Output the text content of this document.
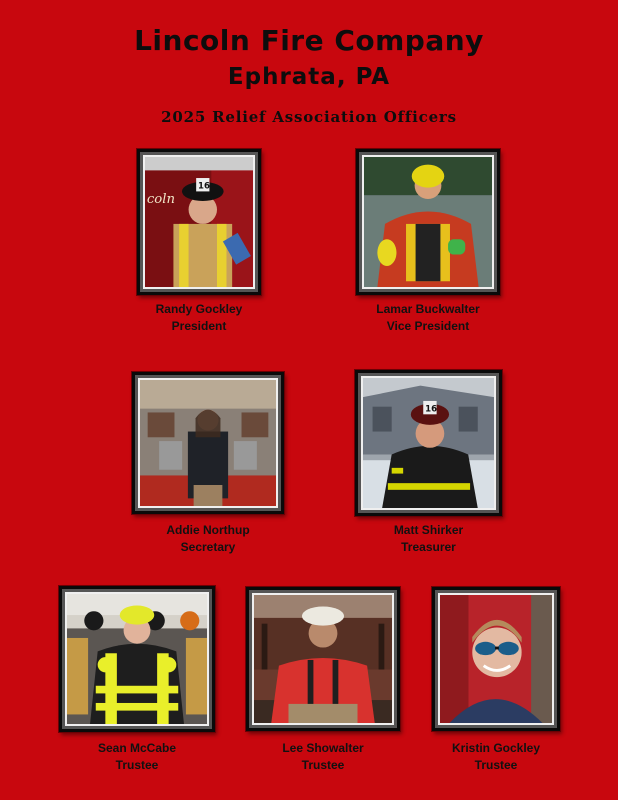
Lincoln Fire Company
Ephrata, PA
2025 Relief Association Officers
coln
16
Randy Gockley
President
Lamar Buckwalter
Vice President
Addie Northup
Secretary
16
Matt Shirker
Treasurer
Sean McCabe
Trustee
Lee Showalter
Trustee
Kristin Gockley
Trustee
